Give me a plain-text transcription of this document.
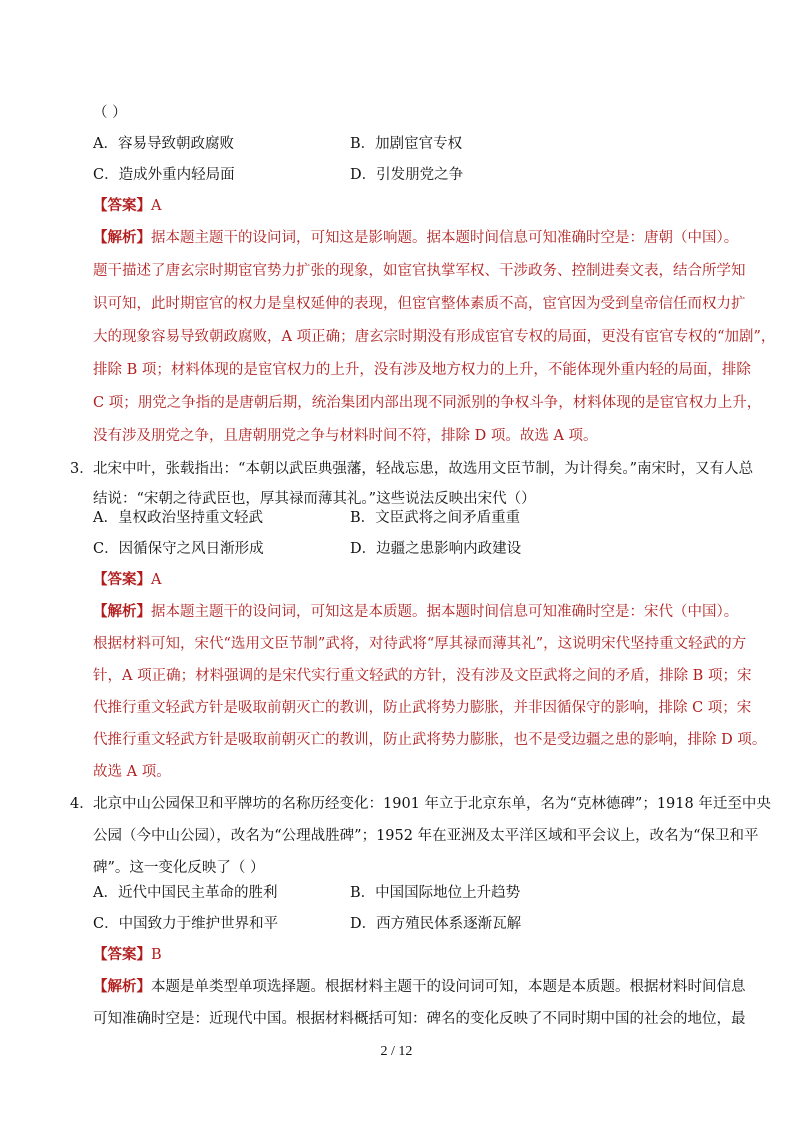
（ ）
A．容易导致朝政腐败	B．加剧宦官专权
C．造成外重内轻局面	D．引发朋党之争
【答案】A
【解析】据本题主题干的设问词，可知这是影响题。据本题时间信息可知准确时空是：唐朝（中国）。
题干描述了唐玄宗时期宦官势力扩张的现象，如宦官执掌军权、干涉政务、控制进奏文表，结合所学知
识可知，此时期宦官的权力是皇权延伸的表现，但宦官整体素质不高，宦官因为受到皇帝信任而权力扩
大的现象容易导致朝政腐败，A 项正确；唐玄宗时期没有形成宦官专权的局面，更没有宦官专权的“加剧”，
排除 B 项；材料体现的是宦官权力的上升，没有涉及地方权力的上升，不能体现外重内轻的局面，排除
C 项；朋党之争指的是唐朝后期，统治集团内部出现不同派别的争权斗争，材料体现的是宦官权力上升，
没有涉及朋党之争，且唐朝朋党之争与材料时间不符，排除 D 项。故选 A 项。
3． 北宋中叶，张载指出：“本朝以武臣典强藩，轻战忘患，故选用文臣节制，为计得矣。”南宋时，又有人总
结说：“宋朝之待武臣也，厚其禄而薄其礼。”这些说法反映出宋代（）
A．皇权政治坚持重文轻武	B．文臣武将之间矛盾重重
C．因循保守之风日渐形成	D．边疆之患影响内政建设
【答案】A
【解析】据本题主题干的设问词，可知这是本质题。据本题时间信息可知准确时空是：宋代（中国）。
根据材料可知，宋代“选用文臣节制”武将，对待武将“厚其禄而薄其礼”，这说明宋代坚持重文轻武的方
针，A 项正确；材料强调的是宋代实行重文轻武的方针，没有涉及文臣武将之间的矛盾，排除 B 项；宋
代推行重文轻武方针是吸取前朝灭亡的教训，防止武将势力膨胀，并非因循保守的影响，排除 C 项；宋
代推行重文轻武方针是吸取前朝灭亡的教训，防止武将势力膨胀，也不是受边疆之患的影响，排除 D 项。
故选 A 项。
4． 北京中山公园保卫和平牌坊的名称历经变化：1901 年立于北京东单，名为“克林德碑”；1918 年迁至中央
公园（今中山公园），改名为“公理战胜碑”；1952 年在亚洲及太平洋区域和平会议上，改名为“保卫和平
碑”。这一变化反映了（ ）
A．近代中国民主革命的胜利	B．中国国际地位上升趋势
C．中国致力于维护世界和平	D．西方殖民体系逐渐瓦解
【答案】B
【解析】本题是单类型单项选择题。根据材料主题干的设问词可知，本题是本质题。根据材料时间信息
可知准确时空是：近现代中国。根据材料概括可知：碑名的变化反映了不同时期中国的社会的地位，最
2 / 12
